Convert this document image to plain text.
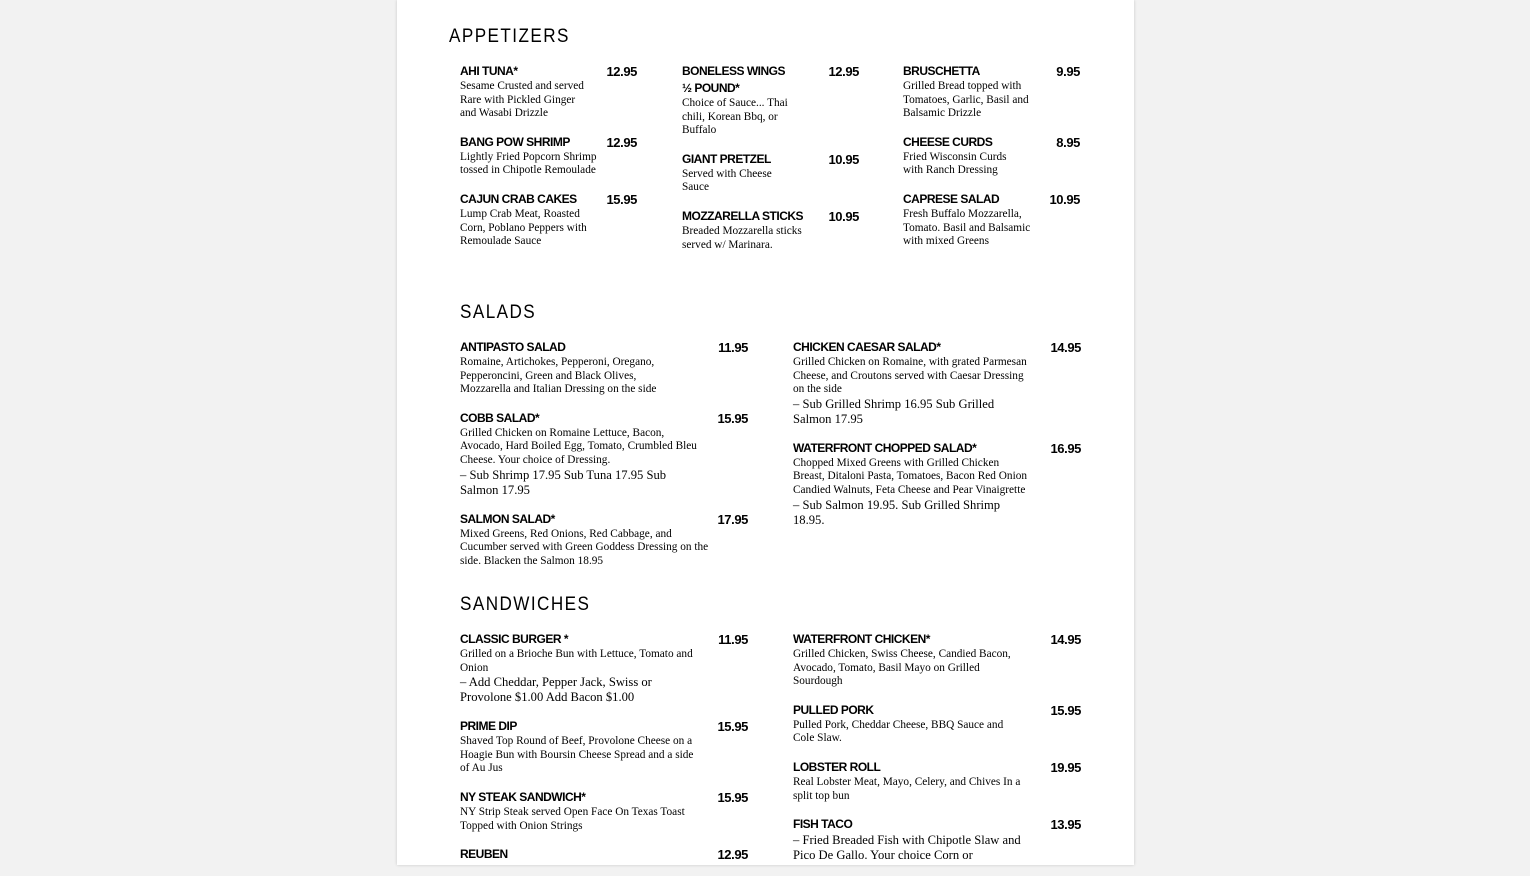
APPETIZERS
AHI TUNA*	12.95
Sesame Crusted and served Rare with Pickled Ginger and Wasabi Drizzle
BANG POW SHRIMP	12.95
Lightly Fried Popcorn Shrimp tossed in Chipotle Remoulade
CAJUN CRAB CAKES	15.95
Lump Crab Meat, Roasted Corn, Poblano Peppers with Remoulade Sauce
BONELESS WINGS ½ POUND*
12.95
Choice of Sauce... Thai chili, Korean Bbq, or Buffalo
GIANT PRETZEL	10.95
Served with Cheese Sauce
MOZZARELLA STICKS	10.95
Breaded Mozzarella sticks served w/ Marinara.
BRUSCHETTA	9.95
Grilled Bread topped with Tomatoes, Garlic, Basil and Balsamic Drizzle
CHEESE CURDS	8.95
Fried Wisconsin Curds with Ranch Dressing
CAPRESE SALAD	10.95
Fresh Buffalo Mozzarella, Tomato. Basil and Balsamic with mixed Greens
SALADS
ANTIPASTO SALAD	11.95
Romaine, Artichokes, Pepperoni, Oregano, Pepperoncini, Green and Black Olives, Mozzarella and Italian Dressing on the side
COBB SALAD*	15.95
Grilled Chicken on Romaine Lettuce, Bacon, Avocado, Hard Boiled Egg, Tomato, Crumbled Bleu Cheese. Your choice of Dressing.
– Sub Shrimp 17.95 Sub Tuna 17.95 Sub Salmon 17.95
SALMON SALAD*	17.95
Mixed Greens, Red Onions, Red Cabbage, and Cucumber served with Green Goddess Dressing on the side. Blacken the Salmon 18.95
CHICKEN CAESAR SALAD*	14.95
Grilled Chicken on Romaine, with grated Parmesan Cheese, and Croutons served with Caesar Dressing on the side
– Sub Grilled Shrimp 16.95 Sub Grilled Salmon 17.95
WATERFRONT CHOPPED SALAD*	16.95
Chopped Mixed Greens with Grilled Chicken Breast, Ditaloni Pasta, Tomatoes, Bacon Red Onion Candied Walnuts, Feta Cheese and Pear Vinaigrette
– Sub Salmon 19.95. Sub Grilled Shrimp 18.95.
SANDWICHES
CLASSIC BURGER *	11.95
Grilled on a Brioche Bun with Lettuce, Tomato and Onion
– Add Cheddar, Pepper Jack, Swiss or Provolone $1.00 Add Bacon $1.00
PRIME DIP	15.95
Shaved Top Round of Beef, Provolone Cheese on a Hoagie Bun with Boursin Cheese Spread and a side of Au Jus
NY STEAK SANDWICH*	15.95
NY Strip Steak served Open Face On Texas Toast Topped with Onion Strings
REUBEN	12.95
WATERFRONT CHICKEN*	14.95
Grilled Chicken, Swiss Cheese, Candied Bacon, Avocado, Tomato, Basil Mayo on Grilled Sourdough
PULLED PORK	15.95
Pulled Pork, Cheddar Cheese, BBQ Sauce and Cole Slaw.
LOBSTER ROLL	19.95
Real Lobster Meat, Mayo, Celery, and Chives In a split top bun
FISH TACO	13.95
– Fried Breaded Fish with Chipotle Slaw and Pico De Gallo. Your choice Corn or
